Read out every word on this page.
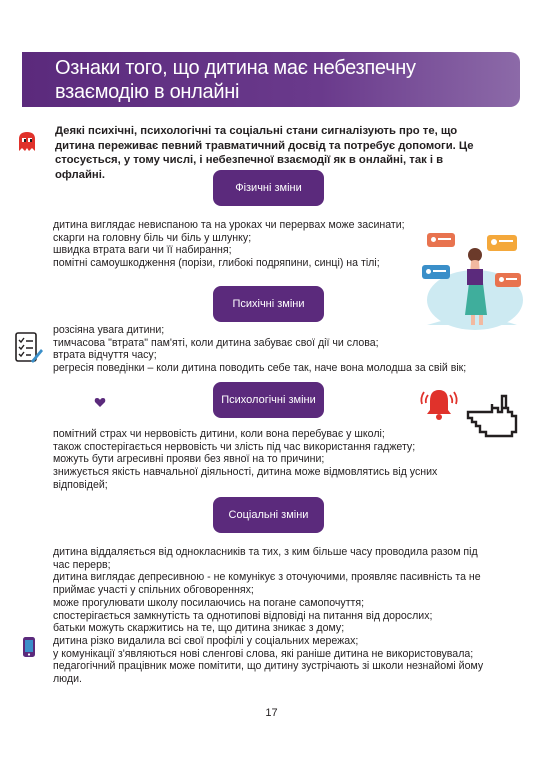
Ознаки того, що дитина має небезпечну взаємодію в онлайні

Деякі психічні, психологічні та соціальні стани сигналізують про те, що дитина переживає певний травматичний досвід та потребує допомоги. Це стосується, у тому числі, і небезпечної взаємодії як в онлайні, так і в офлайні.

Фізичні зміни
дитина виглядає невиспаною та на уроках чи перервах може засинати;
скарги на головну біль чи біль у шлунку;
швидка втрата ваги чи її набирання;
помітні самоушкодження (порізи, глибокі подряпини, синці) на тілі;
Психічні зміни
розсіяна увага дитини;
тимчасова "втрата" пам'яті, коли дитина забуває свої дії чи слова;
втрата відчуття часу;
регресія поведінки – коли дитина поводить себе так, наче вона молодша за свій вік;
Психологічні зміни
помітний страх чи нервовість дитини, коли вона перебуває у школі;
також спостерігається нервовість чи злість під час використання гаджету;
можуть бути агресивні прояви без явної на то причини;
знижується якість навчальної діяльності, дитина може відмовлятись від усних відповідей;
Соціальні зміни
дитина віддаляється від однокласників та тих, з ким більше часу проводила разом під час перерв;
дитина виглядає депресивною - не комунікує з оточуючими, проявляє пасивність та не приймає участі у спільних обговореннях;
може прогулювати школу посилаючись на погане самопочуття;
спостерігається замкнутість та однотипові відповіді на питання від дорослих;
батьки можуть скаржитись на те, що дитина зникає з дому;
дитина різко видалила всі свої профілі у соціальних мережах;
у комунікації з'являються нові сленгові слова, які раніше дитина не використовувала;
педагогічний працівник може помітити, що дитину зустрічають зі школи незнайомі йому люди.
17
